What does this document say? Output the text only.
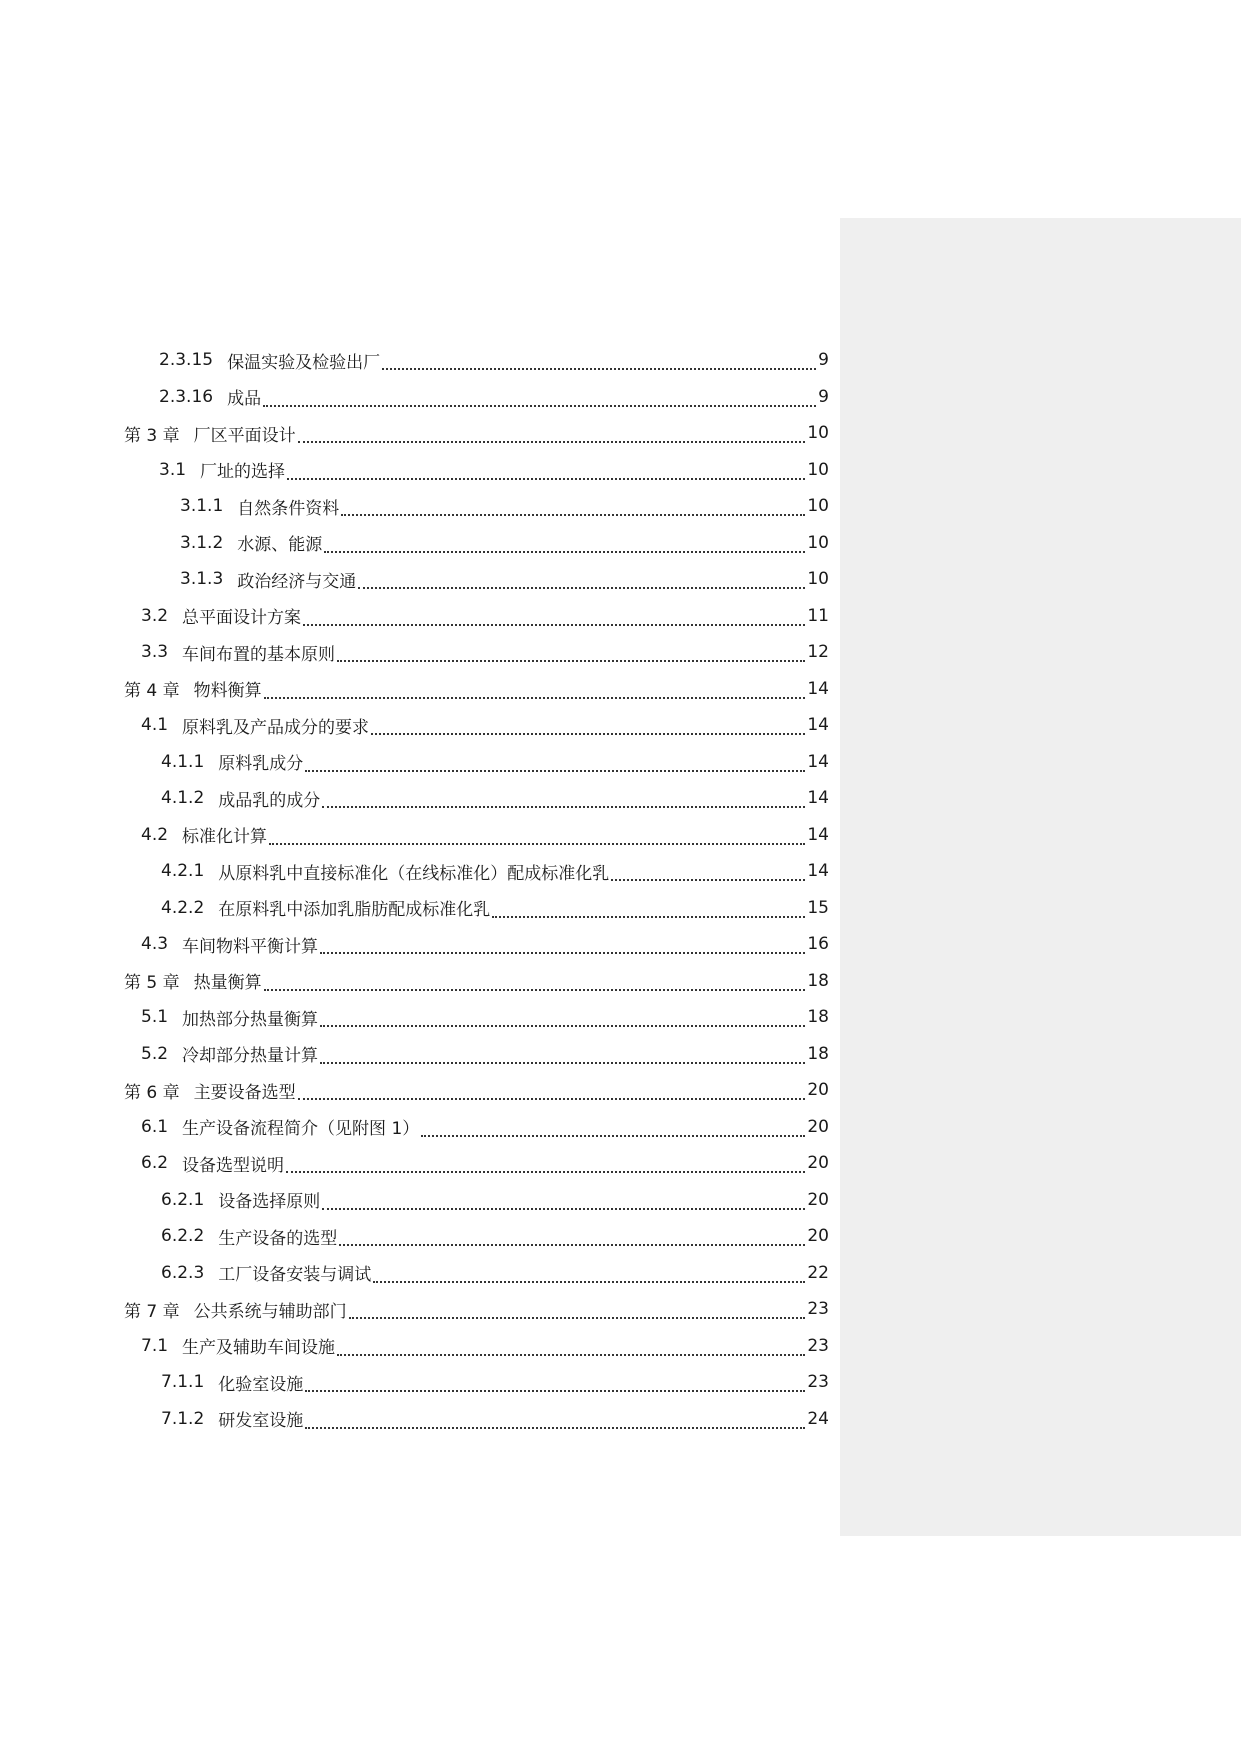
2.3.15 保温实验及检验出厂	9
2.3.16 成品	9
第 3 章 厂区平面设计	10
3.1 厂址的选择	10
3.1.1 自然条件资料	10
3.1.2 水源、能源	10
3.1.3 政治经济与交通	10
3.2 总平面设计方案	11
3.3 车间布置的基本原则	12
第 4 章 物料衡算	14
4.1 原料乳及产品成分的要求	14
4.1.1 原料乳成分	14
4.1.2 成品乳的成分	14
4.2 标准化计算	14
4.2.1 从原料乳中直接标准化（在线标准化）配成标准化乳	14
4.2.2 在原料乳中添加乳脂肪配成标准化乳	15
4.3 车间物料平衡计算	16
第 5 章 热量衡算	18
5.1 加热部分热量衡算	18
5.2 冷却部分热量计算	18
第 6 章 主要设备选型	20
6.1 生产设备流程简介（见附图 1）	20
6.2 设备选型说明	20
6.2.1 设备选择原则	20
6.2.2 生产设备的选型	20
6.2.3 工厂设备安装与调试	22
第 7 章 公共系统与辅助部门	23
7.1 生产及辅助车间设施	23
7.1.1 化验室设施	23
7.1.2 研发室设施	24
